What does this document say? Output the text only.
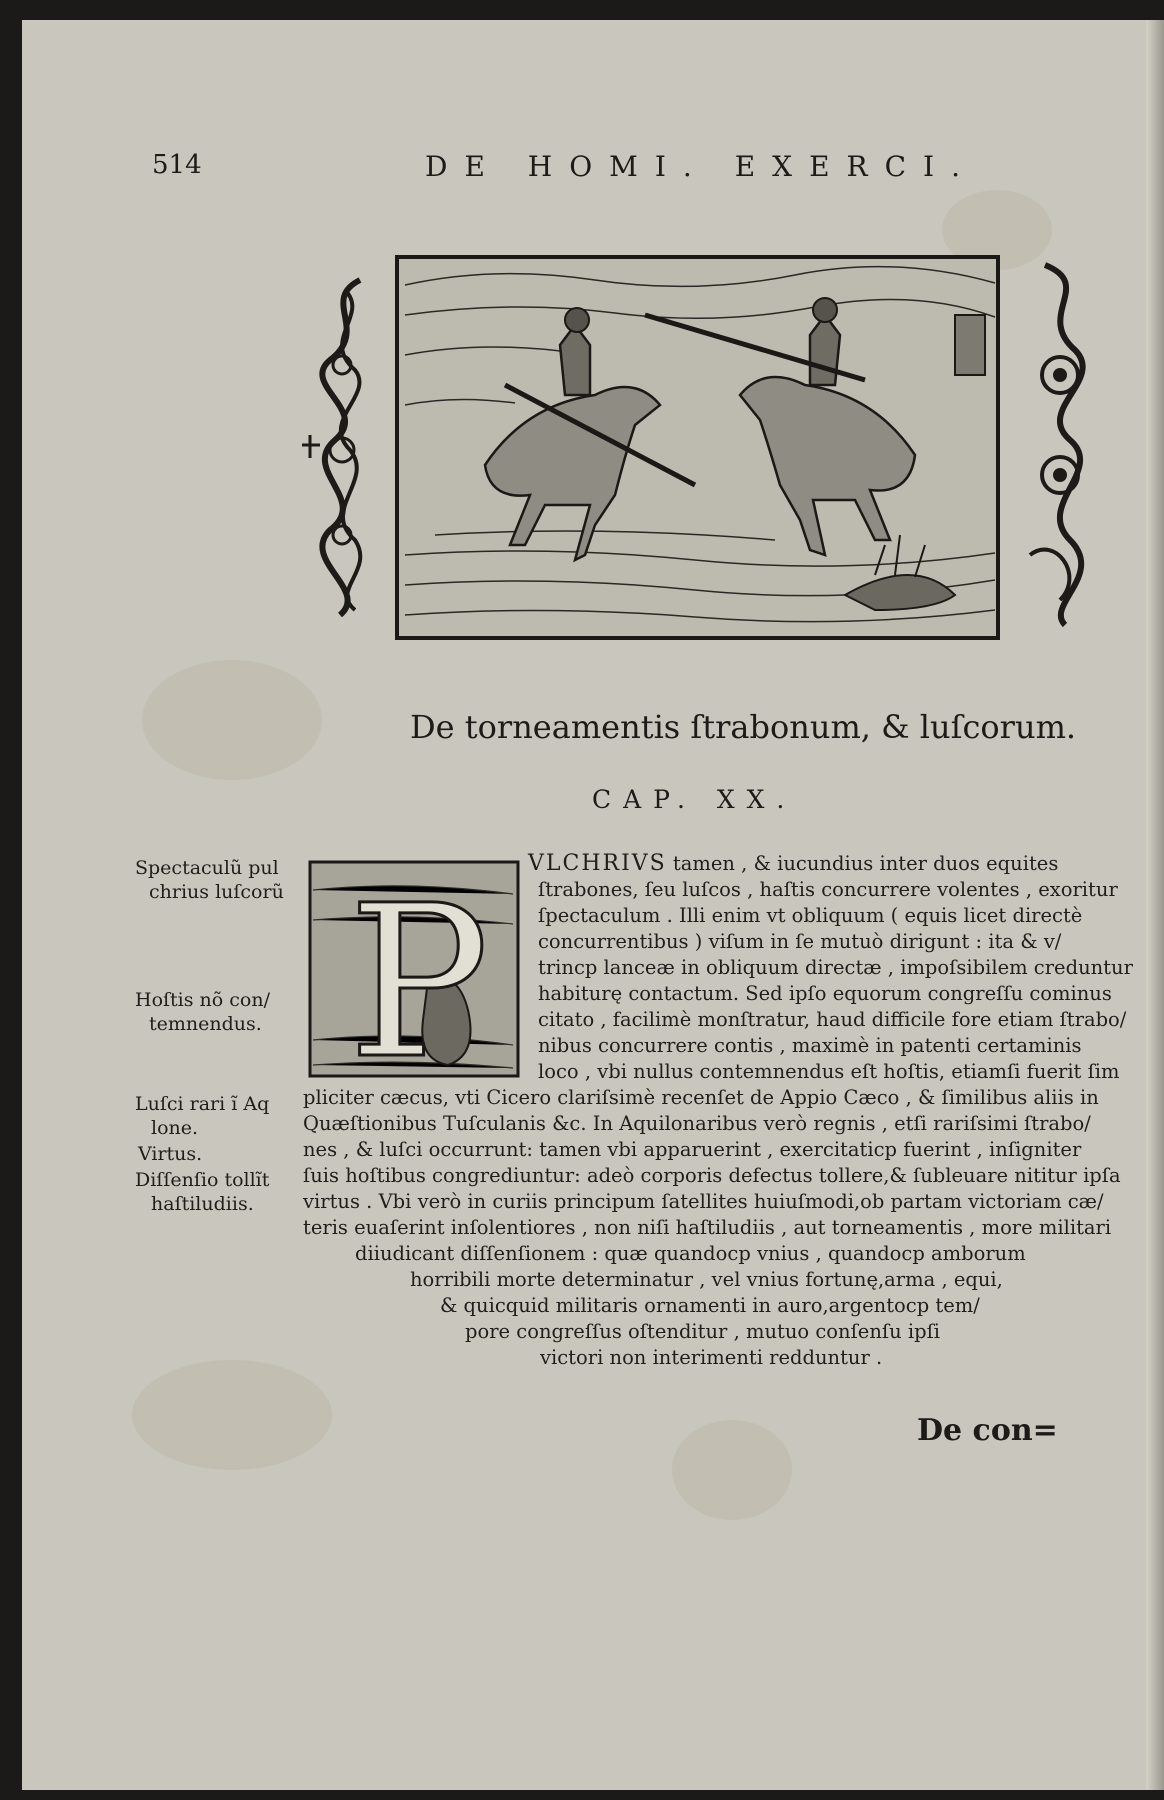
514	DE HOMI. EXERCI.
De torneamentis ſtrabonum, & luſcorum.
CAP. XX.
P VLCHRIVS tamen , & iucundius inter duos equites
ſtrabones, ſeu luſcos , haſtis concurrere volentes , exoritur
ſpectaculum . Illi enim vt obliquum ( equis licet directè
concurrentibus ) viſum in ſe mutuò dirigunt : ita & v/
trincp lanceæ in obliquum directæ , impoſsibilem creduntur
habiturę contactum. Sed ipſo equorum congreſſu cominus
citato , facilimè monſtratur, haud difficile fore etiam ſtrabo/
nibus concurrere contis , maximè in patenti certaminis
loco , vbi nullus contemnendus eſt hoſtis, etiamſi fuerit ſim
pliciter cæcus, vti Cicero clariſsimè recenſet de Appio Cæco , & ſimilibus aliis in
Quæſtionibus Tuſculanis &c. In Aquilonaribus verò regnis , etſi rariſsimi ſtrabo/
nes , & luſci occurrunt: tamen vbi apparuerint , exercitaticp fuerint , inſigniter
ſuis hoſtibus congrediuntur: adeò corporis defectus tollere,& ſubleuare nititur ipſa
virtus . Vbi verò in curiis principum ſatellites huiuſmodi,ob partam victoriam cæ/
teris euaſerint inſolentiores , non niſi haſtiludiis , aut torneamentis , more militari
diiudicant diſſenſionem : quæ quandocp vnius , quandocp amborum
horribili morte determinatur , vel vnius fortunę,arma , equi,
& quicquid militaris ornamenti in auro,argentocp tem/
pore congreſſus oſtenditur , mutuo conſenſu ipſi
victori non interimenti redduntur .
Spectaculũ pul
chrius luſcorũ
Hoſtis nõ con/
temnendus.
Luſci rari ĩ Aq
lone.
Virtus.
Diſſenſio tollĩt
haſtiludiis.
De con=
